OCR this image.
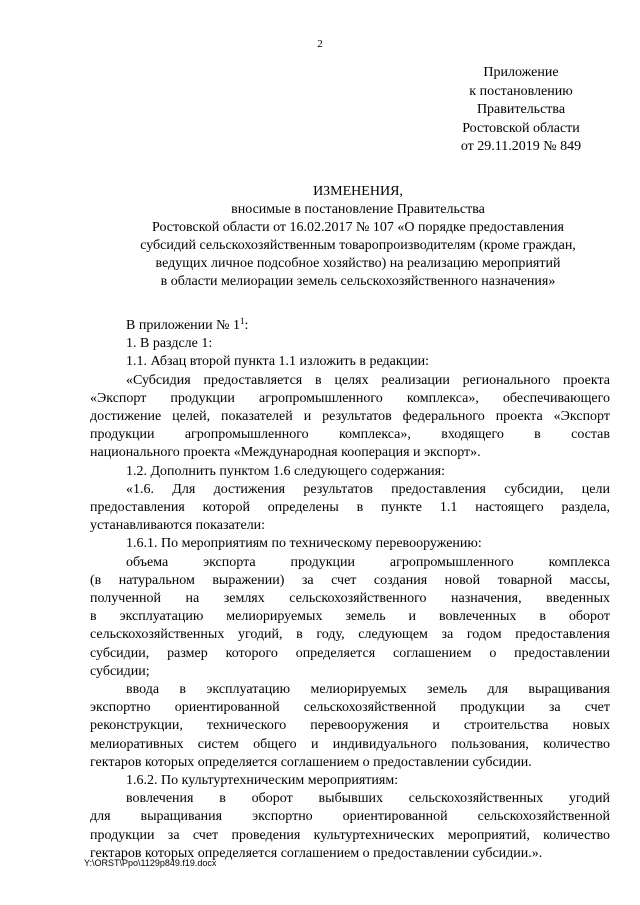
2
Приложение
к постановлению
Правительства
Ростовской области
от 29.11.2019 № 849
ИЗМЕНЕНИЯ,
вносимые в постановление Правительства
Ростовской области от 16.02.2017 № 107 «О порядке предоставления
субсидий сельскохозяйственным товаропроизводителям (кроме граждан,
ведущих личное подсобное хозяйство) на реализацию мероприятий
в области мелиорации земель сельскохозяйственного назначения»

В приложении № $1^1$:

1. В раздсле 1:

1.1. Абзац второй пункта 1.1 изложить в редакции:

«Субсидия предоставляется в целях реализации регионального проекта
«Экспорт продукции агропромышленного комплекса», обеспечивающего
достижение целей, показателей и результатов федерального проекта «Экспорт
продукции агропромышленного комплекса», входящего в состав
национального проекта «Международная кооперация и экспорт».

1.2. Дополнить пунктом 1.6 следующего содержания:

«1.6. Для достижения результатов предоставления субсидии, цели
предоставления которой определены в пункте 1.1 настоящего раздела,
устанавливаются показатели:

1.6.1. По мероприятиям по техническому перевооружению:

объема экспорта продукции агропромышленного комплекса
(в натуральном выражении) за счет создания новой товарной массы,
полученной на землях сельскохозяйственного назначения, введенных
в эксплуатацию мелиорируемых земель и вовлеченных в оборот
сельскохозяйственных угодий, в году, следующем за годом предоставления
субсидии, размер которого определяется соглашением о предоставлении
субсидии;

ввода в эксплуатацию мелиорируемых земель для выращивания
экспортно ориентированной сельскохозяйственной продукции за счет
реконструкции, технического перевооружения и строительства новых
мелиоративных систем общего и индивидуального пользования, количество
гектаров которых определяется соглашением о предоставлении субсидии.

1.6.2. По культуртехническим мероприятиям:

вовлечения в оборот выбывших сельскохозяйственных угодий
для выращивания экспортно ориентированной сельскохозяйственной
продукции за счет проведения культуртехнических мероприятий, количество
гектаров которых определяется соглашением о предоставлении субсидии.».

Y:\ORST\Ppo\1129p849.f19.docx
